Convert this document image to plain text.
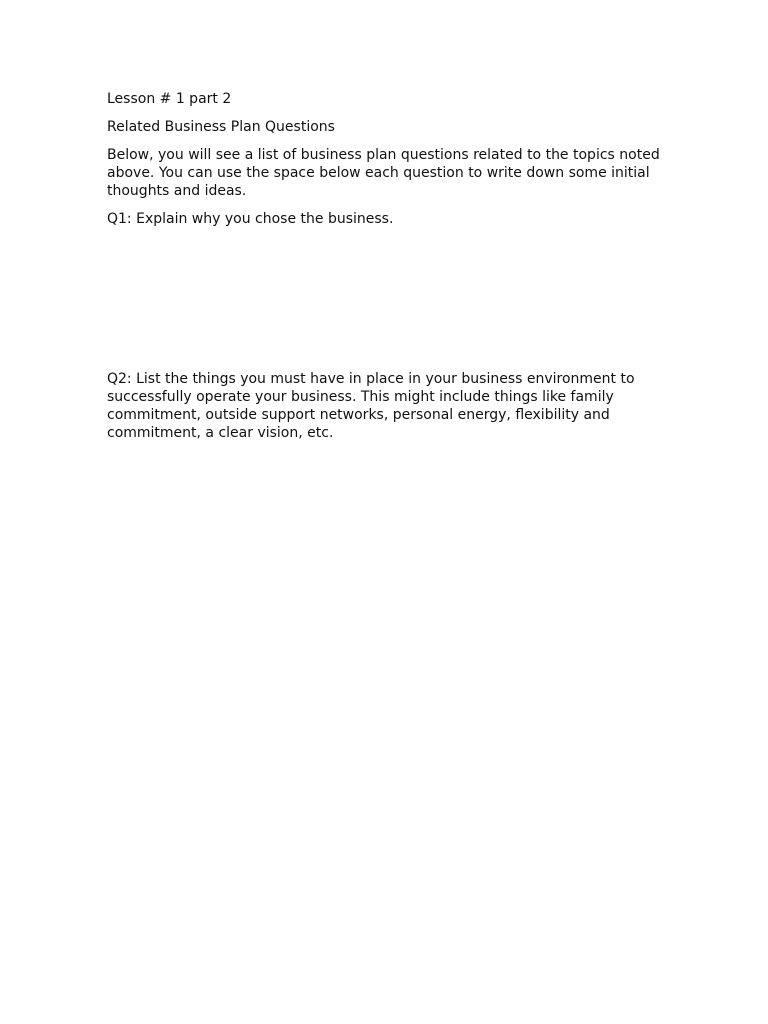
Lesson # 1 part 2

Related Business Plan Questions

Below, you will see a list of business plan questions related to the topics noted above. You can use the space below each question to write down some initial thoughts and ideas.

Q1: Explain why you chose the business.

Q2: List the things you must have in place in your business environment to successfully operate your business. This might include things like family commitment, outside support networks, personal energy, flexibility and commitment, a clear vision, etc.
